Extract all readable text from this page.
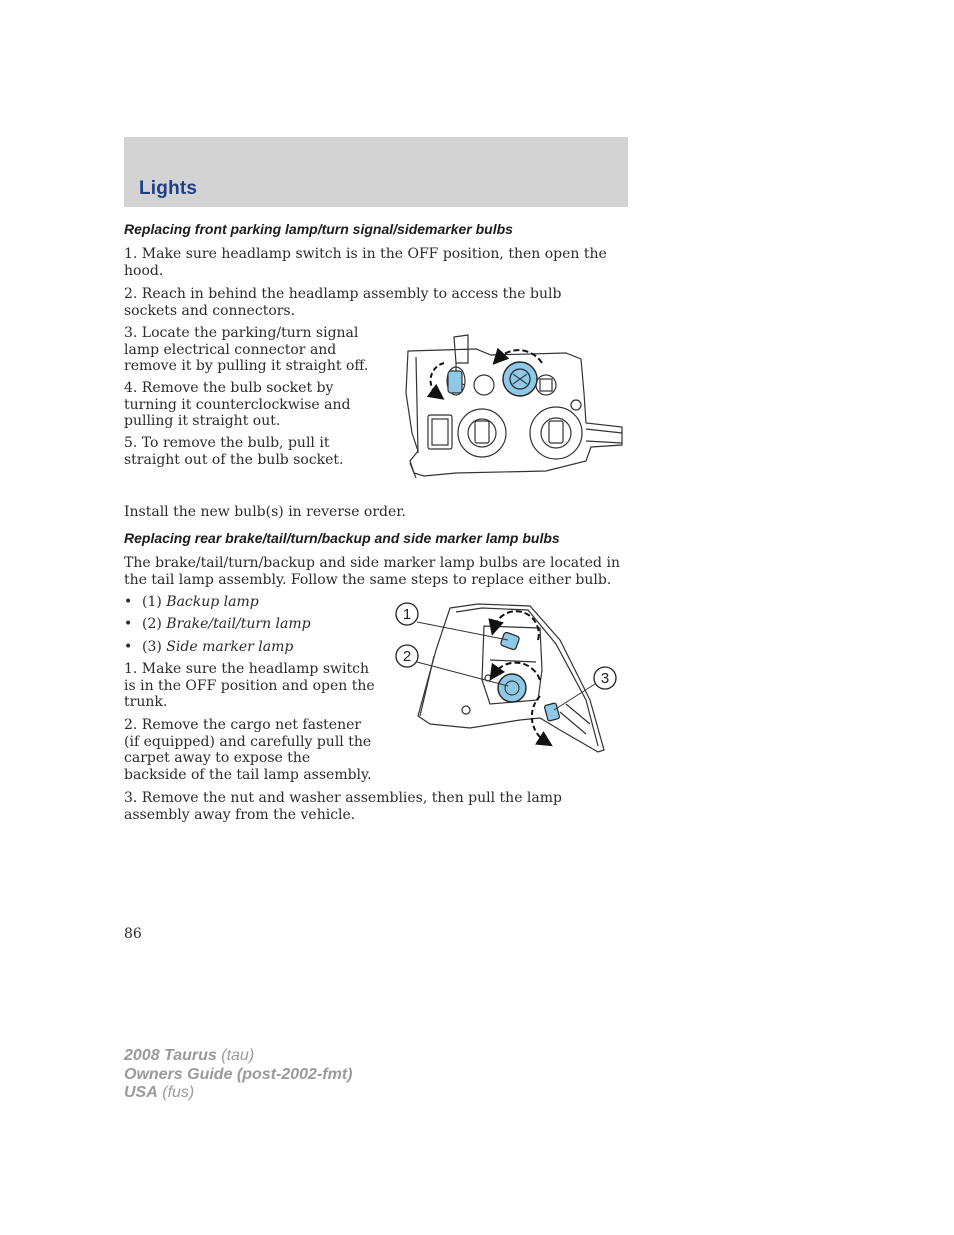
Lights
Replacing front parking lamp/turn signal/sidemarker bulbs

1. Make sure headlamp switch is in the OFF position, then open the hood.

2. Reach in behind the headlamp assembly to access the bulb sockets and connectors.

3. Locate the parking/turn signal lamp electrical connector and remove it by pulling it straight off.

4. Remove the bulb socket by turning it counterclockwise and pulling it straight out.

5. To remove the bulb, pull it straight out of the bulb socket.

Install the new bulb(s) in reverse order.

Replacing rear brake/tail/turn/backup and side marker lamp bulbs

The brake/tail/turn/backup and side marker lamp bulbs are located in the tail lamp assembly. Follow the same steps to replace either bulb.

• (1) Backup lamp
• (2) Brake/tail/turn lamp
• (3) Side marker lamp

1. Make sure the headlamp switch is in the OFF position and open the trunk.

2. Remove the cargo net fastener (if equipped) and carefully pull the carpet away to expose the backside of the tail lamp assembly.

3. Remove the nut and washer assemblies, then pull the lamp assembly away from the vehicle.

1
2
3
86
2008 Taurus (tau)
Owners Guide (post-2002-fmt)
USA (fus)
